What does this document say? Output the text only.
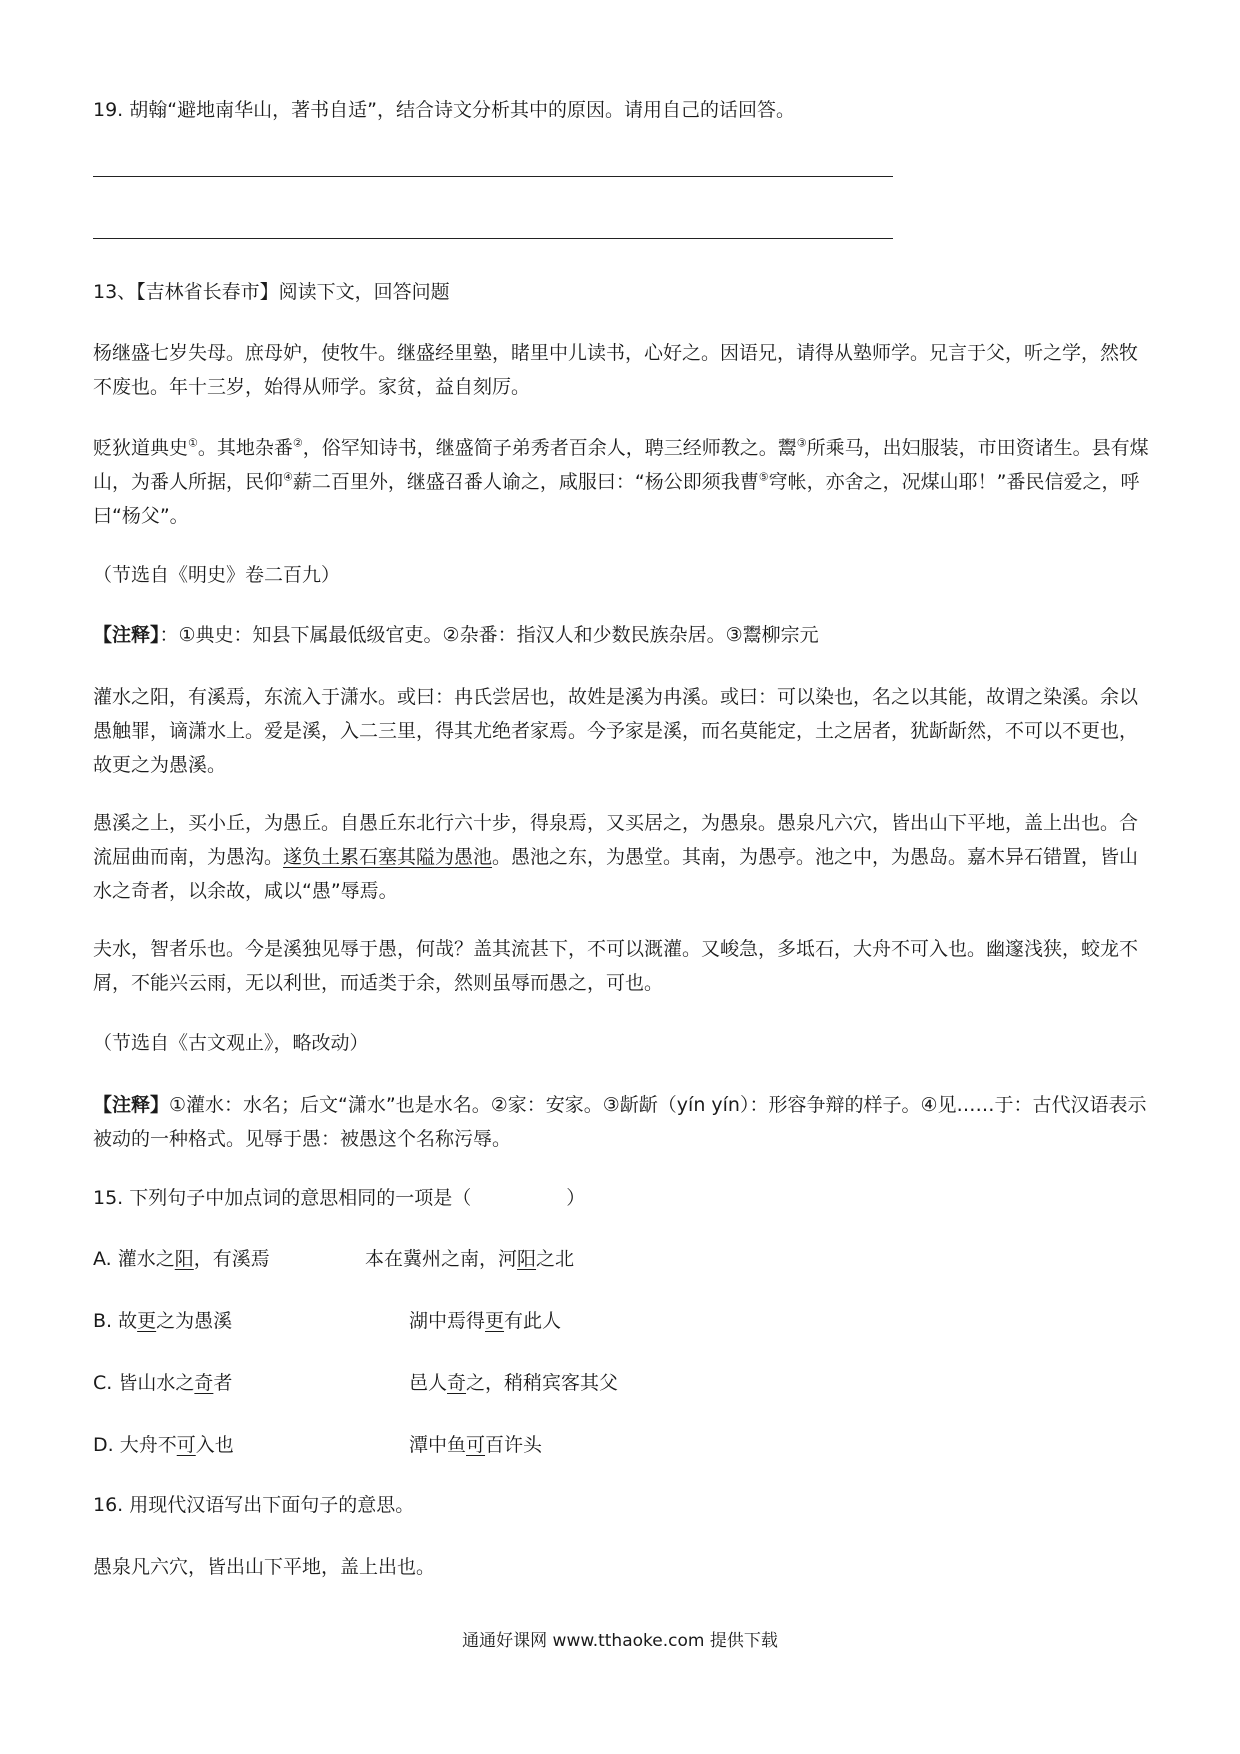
19. 胡翰“避地南华山，著书自适”，结合诗文分析其中的原因。请用自己的话回答。

13、【吉林省长春市】阅读下文，回答问题

杨继盛七岁失母。庶母妒，使牧牛。继盛经里塾，睹里中儿读书，心好之。因语兄，请得从塾师学。兄言于父，听之学，然牧不废也。年十三岁，始得从师学。家贫，益自刻厉。

贬狄道典史①。其地杂番②，俗罕知诗书，继盛简子弟秀者百余人，聘三经师教之。鬻③所乘马，出妇服装，市田资诸生。县有煤山，为番人所据，民仰④薪二百里外，继盛召番人谕之，咸服曰：“杨公即须我曹⑤穹帐，亦舍之，况煤山耶！”番民信爱之，呼曰“杨父”。

（节选自《明史》卷二百九）

【注释】：①典史：知县下属最低级官吏。②杂番：指汉人和少数民族杂居。③鬻柳宗元

灌水之阳，有溪焉，东流入于潇水。或曰：冉氏尝居也，故姓是溪为冉溪。或曰：可以染也，名之以其能，故谓之染溪。余以愚触罪，谪潇水上。爱是溪，入二三里，得其尤绝者家焉。今予家是溪，而名莫能定，土之居者，犹龂龂然，不可以不更也，故更之为愚溪。

愚溪之上，买小丘，为愚丘。自愚丘东北行六十步，得泉焉，又买居之，为愚泉。愚泉凡六穴，皆出山下平地，盖上出也。合流屈曲而南，为愚沟。遂负土累石塞其隘为愚池。愚池之东，为愚堂。其南，为愚亭。池之中，为愚岛。嘉木异石错置，皆山水之奇者，以余故，咸以“愚”辱焉。

夫水，智者乐也。今是溪独见辱于愚，何哉？盖其流甚下，不可以溉灌。又峻急，多坻石，大舟不可入也。幽邃浅狭，蛟龙不屑，不能兴云雨，无以利世，而适类于余，然则虽辱而愚之，可也。

（节选自《古文观止》，略改动）

【注释】①灌水：水名；后文“潇水”也是水名。②家：安家。③龂龂（yín yín）：形容争辩的样子。④见……于：古代汉语表示被动的一种格式。见辱于愚：被愚这个名称污辱。

15. 下列句子中加点词的意思相同的一项是（　　　　　）

A. 灌水之阳，有溪焉	本在冀州之南，河阳之北
B. 故更之为愚溪	湖中焉得更有此人
C. 皆山水之奇者	邑人奇之，稍稍宾客其父
D. 大舟不可入也	潭中鱼可百许头

16. 用现代汉语写出下面句子的意思。

愚泉凡六穴，皆出山下平地，盖上出也。

通通好课网 www.tthaoke.com 提供下载
